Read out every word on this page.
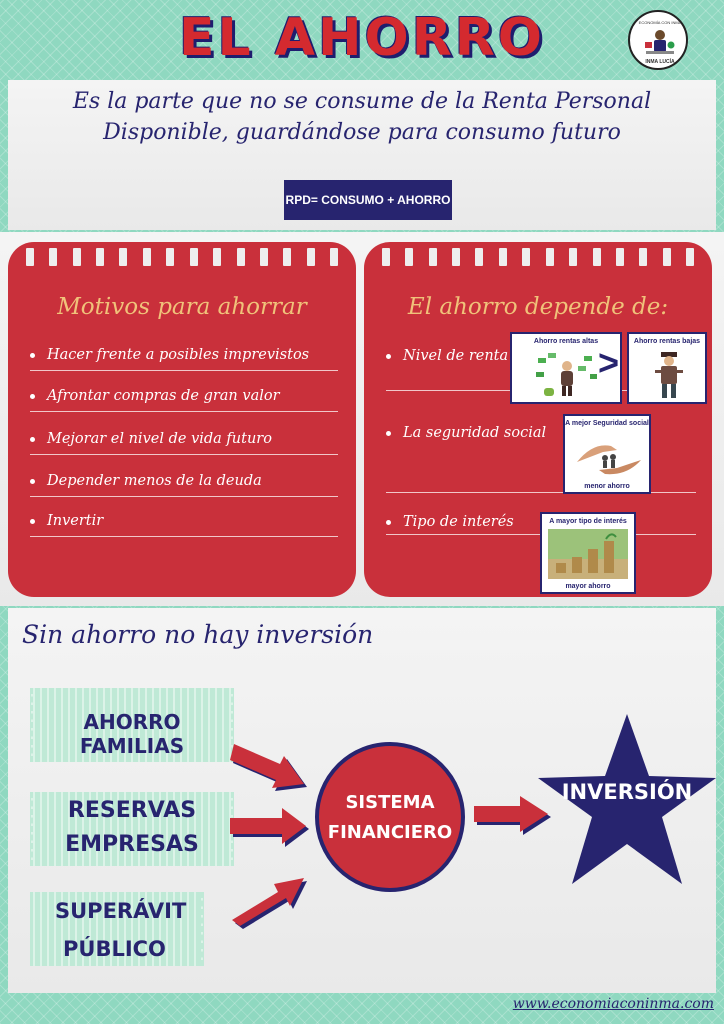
EL AHORRO	ECONOMÍA CON INMA
INMA LUCÍA
Es la parte que no se consume de la Renta Personal
Disponible, guardándose para consumo futuro
RPD= CONSUMO + AHORRO
Motivos para ahorrar
Hacer frente a posibles imprevistos
Afrontar compras de gran valor
Mejorar el nivel de vida futuro
Depender menos de la deuda
Invertir
El ahorro depende de:
Nivel de renta
La seguridad social
Tipo de interés
Ahorro rentas altas
>
Ahorro rentas bajas
A mejor Seguridad social
menor ahorro
A mayor tipo de interés
mayor ahorro
Sin ahorro no hay inversión
AHORRO FAMILIAS
RESERVAS
EMPRESAS
SUPERÁVIT
PÚBLICO
SISTEMA
FINANCIERO
INVERSIÓN
www.economiaconinma.com
